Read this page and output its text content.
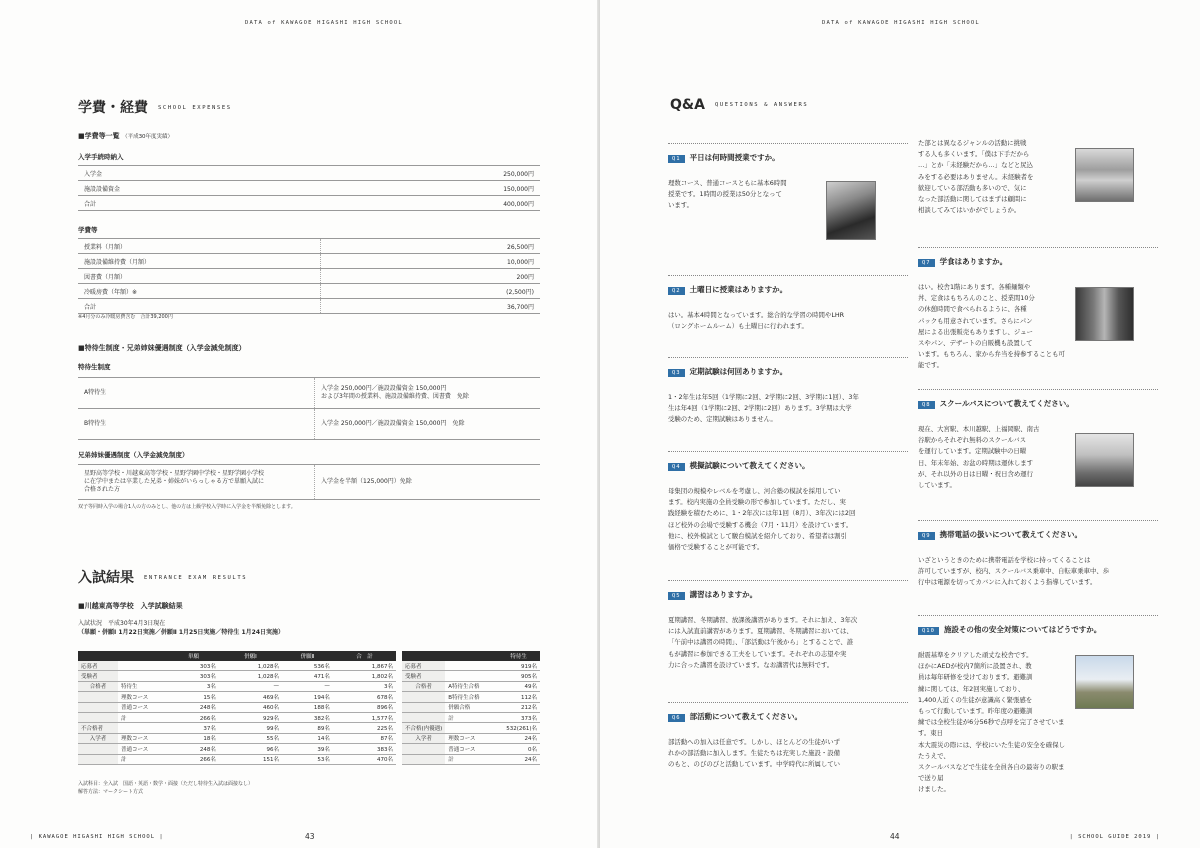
DATA of KAWAGOE HIGASHI HIGH SCHOOL
学費・経費 SCHOOL EXPENSES
■学費等一覧 （平成30年度実績）
入学手続時納入
入学金	250,000円
施設設備資金	150,000円
合計	400,000円
学費等
授業料（月額）	26,500円
施設設備維持費（月額）	10,000円
図書費（月額）	200円
冷暖房費（年額）※	(2,500円)
合計	36,700円
※4月分のみ冷暖房費含む　合計39,200円
■特待生制度・兄弟姉妹優遇制度（入学金減免制度）
特待生制度
A特待生	入学金 250,000円／施設設備資金 150,000円
および3年間の授業料、施設設備維持費、図書費　免除
B特待生	入学金 250,000円／施設設備資金 150,000円　免除
兄弟姉妹優遇制度（入学金減免制度）
星野高等学校・川越東高等学校・星野学園中学校・星野学園小学校
に在学中または卒業した兄弟・姉妹がいらっしゃる方で単願入試に
合格された方	入学金を半額（125,000円）免除
双子等同時入学の場合1人の方のみとし、他の方は上級学校入学時に入学金を半額免除とします。
入試結果 ENTRANCE EXAM RESULTS
■川越東高等学校　入学試験結果
入試状況　平成30年4月3日現在
（単願・併願Ⅰ 1月22日実施／併願Ⅱ 1月25日実施／特待生 1月24日実施）
		単願	併願Ⅰ	併願Ⅱ	合　計
応募者		303名	1,028名	536名	1,867名
受験者		303名	1,028名	471名	1,802名
合格者	特待生	3名	—	—	3名
	理数コース	15名	469名	194名	678名
	普通コース	248名	460名	188名	896名
	計	266名	929名	382名	1,577名
不合格者		37名	99名	89名	225名
入学者	理数コース	18名	55名	14名	87名
	普通コース	248名	96名	39名	383名
	計	266名	151名	53名	470名
		特待生
応募者		919名
受験者		905名
合格者	A特待生合格	49名
	B特待生合格	112名
	併願合格	212名
	計	373名
不合格(内優遇)		532(261)名
入学者	理数コース	24名
	普通コース	0名
	計	24名
入試科目：全入試　国語・英語・数学・面接（ただし特待生入試は面接なし）
解答方法：マークシート方式
| KAWAGOE HIGASHI HIGH SCHOOL |	43
DATA of KAWAGOE HIGASHI HIGH SCHOOL
Q&A QUESTIONS & ANSWERS
Q1 平日は何時間授業ですか。
理数コース、普通コースともに基本6時間
授業です。1時間の授業は50分となって
います。
Q2 土曜日に授業はありますか。
はい。基本4時間となっています。総合的な学習の時間やLHR
（ロングホームルーム）も土曜日に行われます。
Q3 定期試験は何回ありますか。
1・2年生は年5回（1学期に2回、2学期に2回、3学期に1回）、3年
生は年4回（1学期に2回、2学期に2回）あります。3学期は大学
受験のため、定期試験はありません。
Q4 模擬試験について教えてください。
母集団の規模やレベルを考慮し、河合塾の模試を採用してい
ます。校内実施の全員受験の形で参加しています。ただし、実
践経験を積むために、1・2年次には年1回（8月）、3年次には2回
ほど校外の会場で受験する機会（7月・11月）を設けています。
他に、校外模試として駿台模試を紹介しており、希望者は割引
価格で受験することが可能です。
Q5 講習はありますか。
夏期講習、冬期講習、放課後講習があります。それに加え、3年次
には入試直前講習があります。夏期講習、冬期講習においては、
「午前中は講習の時間」、「部活動は午後から」とすることで、誰
もが講習に参加できる工夫をしています。それぞれの志望や実
力に合った講習を設けています。なお講習代は無料です。
Q6 部活動について教えてください。
部活動への加入は任意です。しかし、ほとんどの生徒がいず
れかの部活動に加入します。生徒たちは充実した施設・設備
のもと、のびのびと活動しています。中学時代に所属してい
た部とは異なるジャンルの活動に挑戦
する人も多くいます。「僕は下手だから
…」とか「未経験だから…」などと尻込
みをする必要はありません。未経験者を
歓迎している部活動も多いので、気に
なった部活動に関してはまずは顧問に
相談してみてはいかがでしょうか。
Q7 学食はありますか。
はい。校舎1階にあります。各種麺類や
丼、定食はもちろんのこと、授業間10分
の休憩時間で食べられるように、各種
パックも用意されています。さらにパン
屋による出張販売もありますし、ジュー
スやパン、デザートの自販機も設置して
います。もちろん、家から弁当を持参することも可能です。
Q8 スクールバスについて教えてください。
現在、大宮駅、本川越駅、上福岡駅、南古
谷駅からそれぞれ無料のスクールバス
を運行しています。定期試験中の日曜
日、年末年始、お盆の時期は運休します
が、それ以外の日は日曜・祝日含め運行
しています。
Q9 携帯電話の扱いについて教えてください。
いざというときのために携帯電話を学校に持ってくることは
許可していますが、校内、スクールバス乗車中、自転車乗車中、歩
行中は電源を切ってカバンに入れておくよう指導しています。
Q10 施設その他の安全対策についてはどうですか。
耐震基準をクリアした頑丈な校舎です。
ほかにAEDが校内7箇所に設置され、教
員は毎年研修を受けております。避難訓
練に関しては、年2回実施しており、
1,400人近くの生徒が意識高く緊張感を
もって行動しています。昨年度の避難訓
練では全校生徒が6分56秒で点呼を完了させています。東日
本大震災の際には、学校にいた生徒の安全を確保したうえで、
スクールバスなどで生徒を全員各自の最寄りの駅まで送り届
けました。
| SCHOOL GUIDE 2019 |
44
